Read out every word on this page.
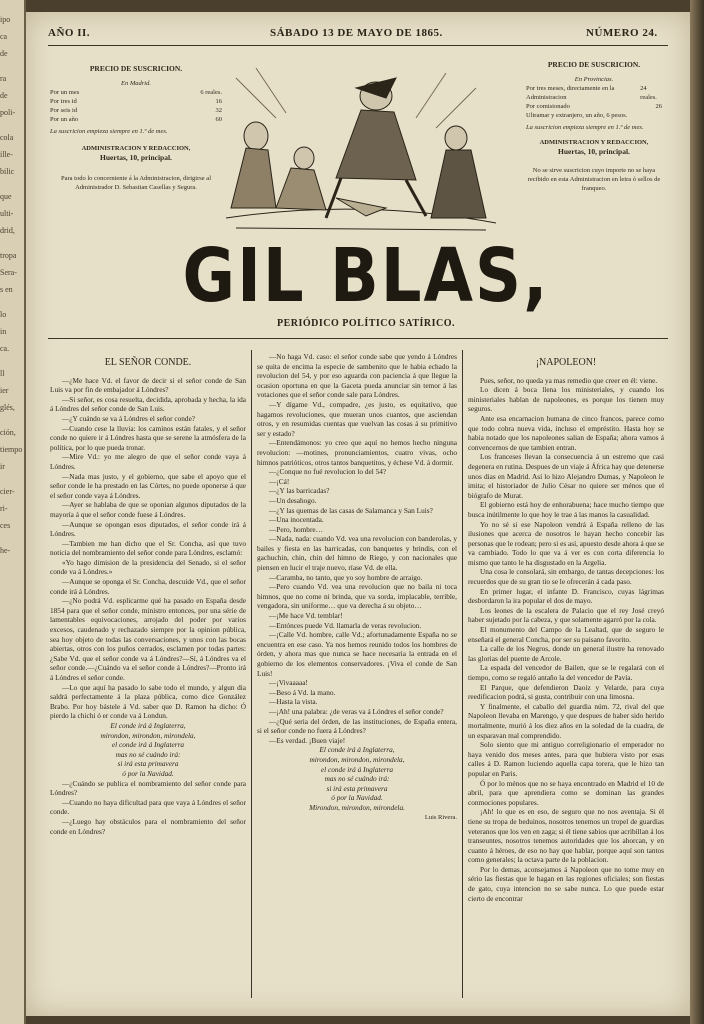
ipo
ca
de
ra
de
poli-
cola
ille-
bilic
que
ulti-
drid,
tropa
Sera-
s en
lo
in
ca.
ll
ier
glés,
ción,
tiempo
ir
cier-
ri-
ces
he-
AÑO II.	SÁBADO 13 DE MAYO DE 1865.	NÚMERO 24.
PRECIO DE SUSCRICION.
En Madrid.
Por un mes	6 reales.
Por tres id	16
Por seis id	32
Por un año	60
La suscricion empieza siempre en 1.º de mes.
ADMINISTRACION Y REDACCION,
Huertas, 10, principal.
Para todo lo concerniente á la Administracion, dirigirse al Administrador D. Sebastian Casellas y Segura.
PRECIO DE SUSCRICION.
En Provincias.
Por tres meses, directamente en la Administracion
24 reales.
Por comisionado	26
Ultramar y extranjero, un año, 6 pesos.
La suscricion empieza siempre en 1.º de mes.
ADMINISTRACION Y REDACCION,
Huertas, 10, principal.
No se sirve suscricion cuyo importe no se haya recibido en esta Administracion en letra ó sellos de franqueo.
GIL BLAS,
PERIÓDICO POLÍTICO SATÍRICO.

EL SEÑOR CONDE.

—¿Me hace Vd. el favor de decir si el señor conde de San Luis va por fin de embajador á Lóndres?

—Si señor, es cosa resuelta, decidida, aprobada y hecha, la ida á Lóndres del señor conde de San Luis.

—¿Y cuándo se va á Lóndres el señor conde?

—Cuando cese la lluvia: los caminos están fatales, y el señor conde no quiere ir á Lóndres hasta que se serene la atmósfera de la política, por lo que pueda tronar.

—Mire Vd.: yo me alegro de que el señor conde vaya á Lóndres.

—Nada mas justo, y el gobierno, que sabe el apoyo que el señor conde le ha prestado en las Córtes, no puede oponerse á que el señor conde vaya á Lóndres.

—Ayer se hablaba de que se oponian algunos diputados de la mayoría á que el señor conde fuese á Lóndres.

—Aunque se opongan esos diputados, el señor conde irá á Lóndres.

—Tambien me han dicho que el Sr. Concha, así que tuvo noticia del nombramiento del señor conde para Lóndres, esclamó:

«Yo hago dimision de la presidencia del Senado, si el señor conde va á Lóndres.»

—Aunque se oponga el Sr. Concha, descuide Vd., que el señor conde irá á Lóndres.

—¿No podrá Vd. esplicarme qué ha pasado en España desde 1854 para que el señor conde, ministro entonces, por una série de lamentables equivocaciones, arrojado del poder por varios excesos, caudenado y rechazado siempre por la opinion pública, sea hoy objeto de todas las conversaciones, y unos con las bocas abiertas, otros con los puños cerrados, esclamen por todas partes: ¿Sabe Vd. que el señor conde va á Lóndres?—Sí, á Lóndres va el señor conde.—¿Cuándo va el señor conde á Lóndres?—Pronto irá á Lóndres el señor conde.

—Lo que aquí ha pasado lo sabe todo el mundo, y algun dia saldrá perfectamente á la plaza pública, como dice González Brabo. Por hoy bástele á Vd. saber que D. Ramon ha dicho: Ó pierdo la chichi ó er conde va á Londun.

El conde irá á Inglaterra,

mirondon, mirondon, mirondela,

el conde irá á Inglaterra

mas no sé cuándo irá:

si irá esta primavera

ó por la Navidad.

—¿Cuándo se publica el nombramiento del señor conde para Lóndres?

—Cuando no haya dificultad para que vaya á Lóndres el señor conde.

—¿Luego hay obstáculos para el nombramiento del señor conde en Lóndres?

—No haga Vd. caso: el señor conde sabe que yendo á Lóndres se quita de encima la especie de sambenito que le habia echado la revolucion del 54, y por eso aguarda con paciencia á que llegue la ocasion oportuna en que la Gaceta pueda anunciar sin temor á las votaciones que el señor conde sale para Lóndres.

—Y dígame Vd., compadre, ¿es justo, es equitativo, que hagamos revoluciones, que mueran unos cuantos, que asciendan otros, y en resumidas cuentas que vuelvan las cosas á su primitivo ser y estado?

—Entendámonos: yo creo que aquí no hemos hecho ninguna revolucion: —motines, pronunciamientos, cuatro vivas, ocho himnos patrióticos, otros tantos banquetitos, y échese Vd. á dormir.

—¿Conque no fué revolucion lo del 54?

—¡Cá!

—¿Y las barricadas?

—Un desahogo.

—¿Y las quemas de las casas de Salamanca y San Luis?

—Una inocentada.

—Pero, hombre…

—Nada, nada: cuando Vd. vea una revolucion con banderolas, y bailes y fiesta en las barricadas, con banquetes y brindis, con el gachuchin, chin, chin del himno de Riego, y con nacionales que piensen en lucir el traje nuevo, ríase Vd. de ella.

—Caramba, no tanto, que yo soy hombre de arraigo.

—Pero cuando Vd. vea una revolucion que no baila ni toca himnos, que no come ni brinda, que va sorda, implacable, terrible, vengadora, sin uniforme… que va derecha á su objeto…

—¡Me hace Vd. temblar!

—Entónces puede Vd. llamarla de veras revolucion.

—¡Calle Vd. hombre, calle Vd.; afortunadamente España no se encuentra en ese caso. Ya nos hemos reunido todos los hombres de órden, y ahora mas que nunca se hace necesaria la entrada en el gobierno de los elementos conservadores. ¡Viva el conde de San Luis!

—¡Vivaaaaa!

—Beso á Vd. la mano.

—Hasta la vista.

—¡Ah! una palabra: ¿de veras va á Lóndres el señor conde?

—¿Qué seria del órden, de las instituciones, de España entera, si el señor conde no fuera á Lóndres?

—Es verdad. ¡Buen viaje!

El conde irá á Inglaterra,

mirondon, mirondon, mirondela,

el conde irá á Inglaterra

mas no sé cuándo irá:

si irá esta primavera

ó por la Navidad.

Mirondon, mirondon, mirondela.

Luis Rivera.

¡NAPOLEON!

Pues, señor, no queda ya mas remedio que creer en él: viene.

Lo dicen á boca llena los ministeriales, y cuando los ministeriales hablan de napoleones, es porque los tienen muy seguros.

Ante esa encarnacion humana de cinco francos, parece como que todo cobra nueva vida, incluso el empréstito. Hasta hoy se habia notado que los napoleones salian de España; ahora vamos á convencernos de que tambien entran.

Los franceses llevan la consecuencia á un estremo que casi degenera en rutina. Despues de un viaje á África hay que detenerse unos dias en Madrid. Así lo hizo Alejandro Dumas, y Napoleon le imita; el historiador de Julio César no quiere ser ménos que el biógrafo de Murat.

El gobierno está hoy de enhorabuena; hace mucho tiempo que busca inútilmente lo que hoy le trae á las manos la casualidad.

Yo no sé si ese Napoleon vendrá á España relleno de las ilusiones que acerca de nosotros le hayan hecho concebir las personas que le rodean; pero si es así, apuesto desde ahora á que se va cambiado. Todo lo que va á ver es con corta diferencia lo mismo que tanto le ha disgustado en la Argelia.

Una cosa le consolará, sin embargo, de tantas decepciones: los recuerdos que de su gran tio se le ofrecerán á cada paso.

En primer lugar, el infante D. Francisco, cuyas lágrimas desbordaron la ira popular el dos de mayo.

Los leones de la escalera de Palacio que el rey José creyó haber sujetado por la cabeza, y que solamente agarró por la cola.

El monumento del Campo de la Lealtad, que de seguro le enseñará el general Concha, por ser su paisano favorito.

La calle de los Negros, donde un general ilustre ha renovado las glorias del puente de Arcole.

La espada del vencedor de Bailen, que se le regalará con el tiempo, como se regaló antaño la del vencedor de Pavía.

El Parque, que defendieron Daoiz y Velarde, para cuya reedificacion podrá, si gusta, contribuir con una limosna.

Y finalmente, el caballo del guardia núm. 72, rival del que Napoleon llevaba en Marengo, y que despues de haber sido herido mortalmente, murió á los diez años en la soledad de la cuadra, de un esparavan mal comprendido.

Solo siento que mi antiguo correligionario el emperador no haya venido dos meses antes, para que hubiera visto por esas calles á D. Ramon luciendo aquella capa torera, que le hizo tan popular en Paris.

Ó por lo ménos que no se haya encontrado en Madrid el 10 de abril, para que aprendiera como se dominan las grandes conmociones populares.

¡Ah! lo que es en eso, de seguro que no nos aventaja. Si él tiene su tropa de beduinos, nosotros tenemos un tropel de guardias veteranos que los ven en zaga; si él tiene sabios que acribillan á los transeuntes, nosotros tenemos autoridades que los ahorcan, y en cuanto á héroes, de eso no hay que hablar, porque aquí son tantos como generales; la octava parte de la poblacion.

Por lo demas, aconsejamos á Napoleon que no tome muy en sério las fiestas que le hagan en las regiones oficiales; son fiestas de gato, cuya intencion no se sabe nunca. Lo que puede estar cierto de encontrar
